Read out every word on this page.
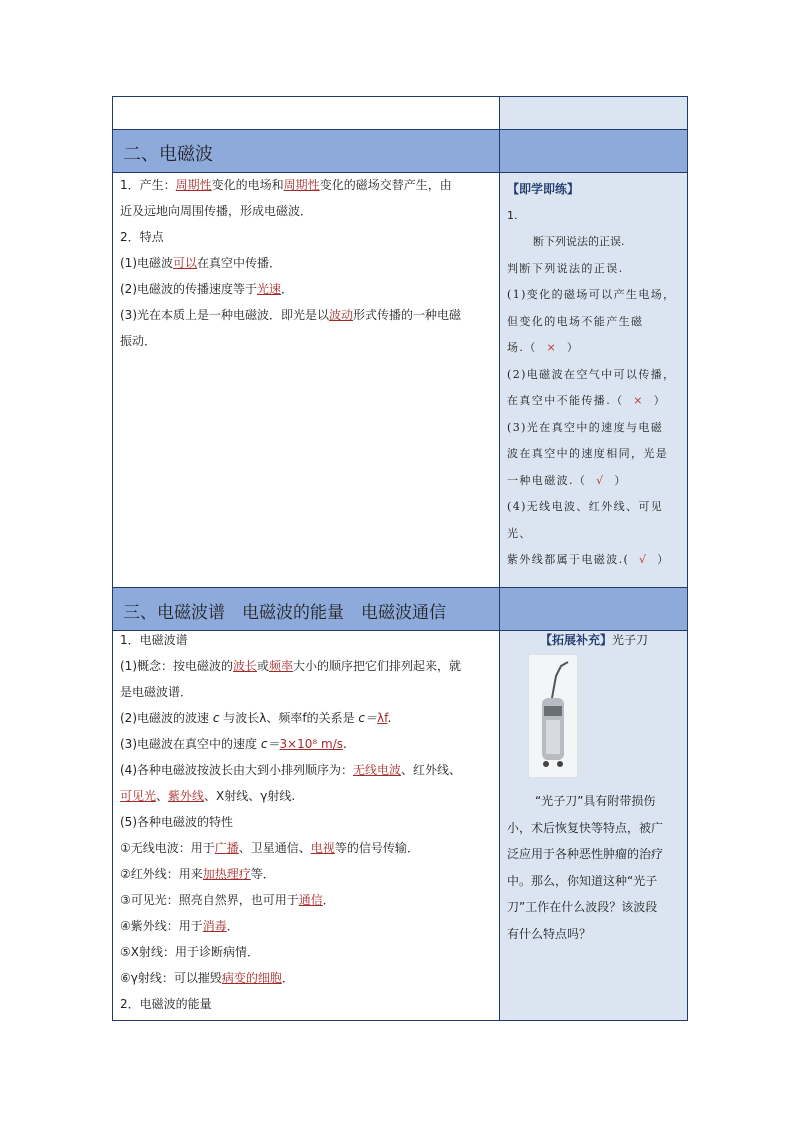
二、电磁波
三、电磁波谱　电磁波的能量　电磁波通信

1．产生：周期性变化的电场和周期性变化的磁场交替产生，由

近及远地向周围传播，形成电磁波．

2．特点

(1)电磁波可以在真空中传播．

(2)电磁波的传播速度等于光速．

(3)光在本质上是一种电磁波．即光是以波动形式传播的一种电磁

振动．

【即学即练】

1.

断下列说法的正误.

判断下列说法的正误.

(1)变化的磁场可以产生电场，

但变化的电场不能产生磁

场.（ × ）

(2)电磁波在空气中可以传播，

在真空中不能传播.（ × ）

(3)光在真空中的速度与电磁

波在真空中的速度相同，光是

一种电磁波.（ √ ）

(4)无线电波、红外线、可见光、

紫外线都属于电磁波.( √ ）

1．电磁波谱

(1)概念：按电磁波的波长或频率大小的顺序把它们排列起来，就

是电磁波谱．

(2)电磁波的波速 c 与波长λ、频率f的关系是 c＝λf.

(3)电磁波在真空中的速度 c＝3×10⁸ m/s.

(4)各种电磁波按波长由大到小排列顺序为：无线电波、红外线、

可见光、紫外线、X射线、γ射线.

(5)各种电磁波的特性

①无线电波：用于广播、卫星通信、电视等的信号传输．

②红外线：用来加热理疗等．

③可见光：照亮自然界，也可用于通信．

④紫外线：用于消毒．

⑤X射线：用于诊断病情．

⑥γ射线：可以摧毁病变的细胞．

2．电磁波的能量

【拓展补充】光子刀

“光子刀”具有附带损伤

小，术后恢复快等特点，被广

泛应用于各种恶性肿瘤的治疗

中。那么，你知道这种“光子

刀”工作在什么波段？该波段

有什么特点吗？
